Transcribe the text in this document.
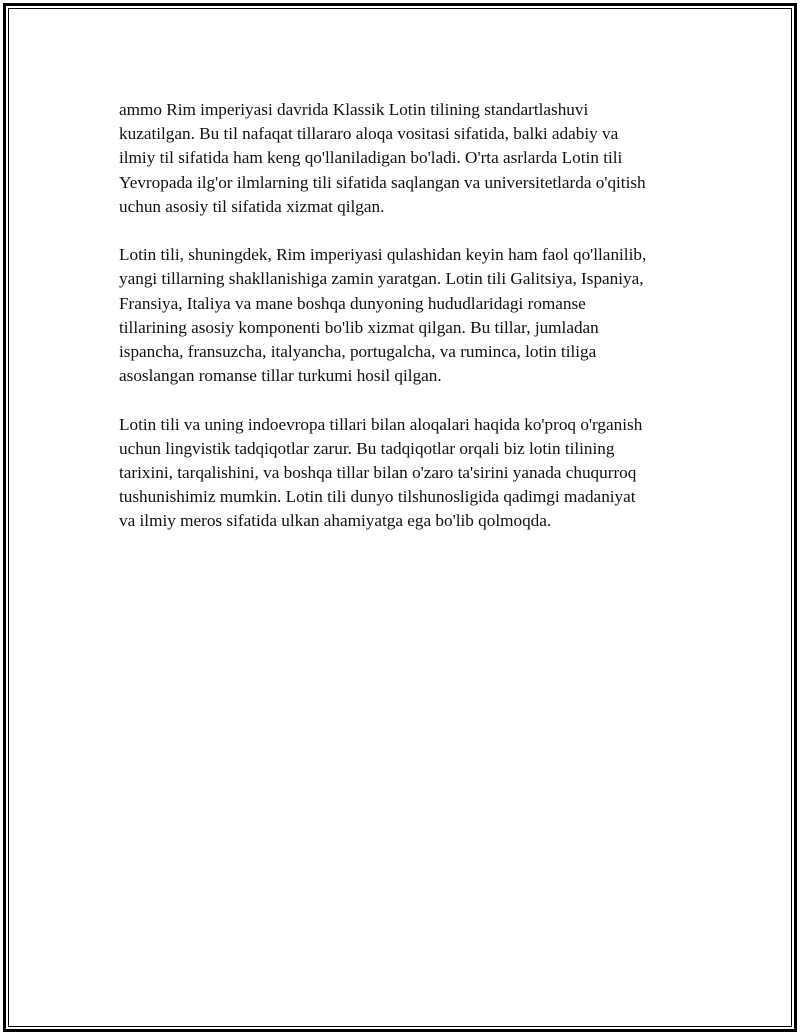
ammo Rim imperiyasi davrida Klassik Lotin tilining standartlashuvi
kuzatilgan. Bu til nafaqat tillararo aloqa vositasi sifatida, balki adabiy va
ilmiy til sifatida ham keng qo'llaniladigan bo'ladi. O'rta asrlarda Lotin tili
Yevropada ilg'or ilmlarning tili sifatida saqlangan va universitetlarda o'qitish
uchun asosiy til sifatida xizmat qilgan.

Lotin tili, shuningdek, Rim imperiyasi qulashidan keyin ham faol qo'llanilib,
yangi tillarning shakllanishiga zamin yaratgan. Lotin tili Galitsiya, Ispaniya,
Fransiya, Italiya va mane boshqa dunyoning hududlaridagi romanse
tillarining asosiy komponenti bo'lib xizmat qilgan. Bu tillar, jumladan
ispancha, fransuzcha, italyancha, portugalcha, va ruminca, lotin tiliga
asoslangan romanse tillar turkumi hosil qilgan.

Lotin tili va uning indoevropa tillari bilan aloqalari haqida ko'proq o'rganish
uchun lingvistik tadqiqotlar zarur. Bu tadqiqotlar orqali biz lotin tilining
tarixini, tarqalishini, va boshqa tillar bilan o'zaro ta'sirini yanada chuqurroq
tushunishimiz mumkin. Lotin tili dunyo tilshunosligida qadimgi madaniyat
va ilmiy meros sifatida ulkan ahamiyatga ega bo'lib qolmoqda.
